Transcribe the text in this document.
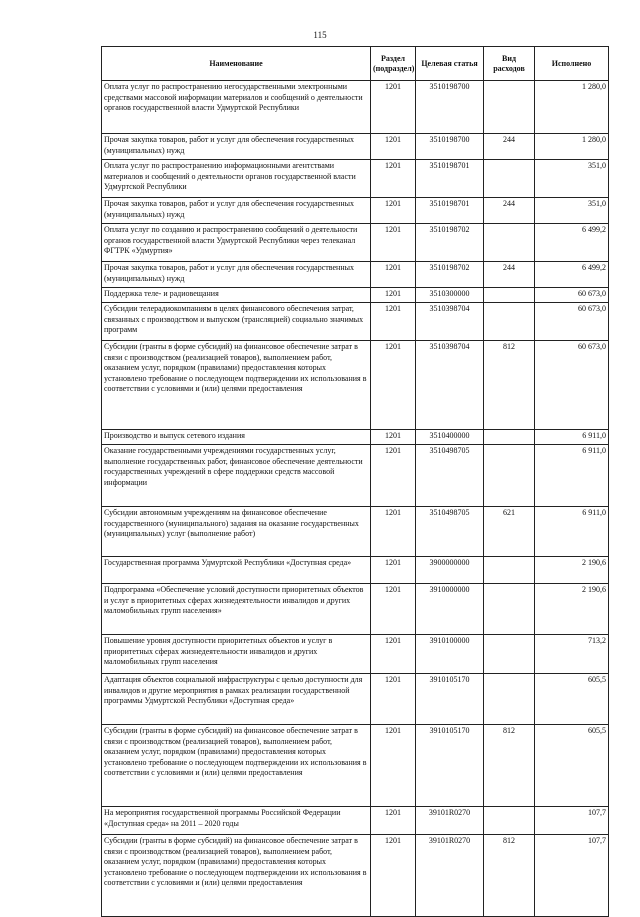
115
Наименование	Раздел (подраздел)	Целевая статья	Вид расходов	Исполнено
Оплата услуг по распространению негосударственными электронными средствами массовой информации материалов и сообщений о деятельности органов государственной власти Удмуртской Республики	1201	3510198700		1 280,0
Прочая закупка товаров, работ и услуг для обеспечения государственных (муниципальных) нужд	1201	3510198700	244	1 280,0
Оплата услуг по распространению информационными агентствами материалов и сообщений о деятельности органов государственной власти Удмуртской Республики	1201	3510198701		351,0
Прочая закупка товаров, работ и услуг для обеспечения государственных (муниципальных) нужд	1201	3510198701	244	351,0
Оплата услуг по созданию и распространению сообщений о деятельности органов государственной власти Удмуртской Республики через телеканал ФГТРК «Удмуртия»	1201	3510198702		6 499,2
Прочая закупка товаров, работ и услуг для обеспечения государственных (муниципальных) нужд	1201	3510198702	244	6 499,2
Поддержка теле- и радиовещания	1201	3510300000		60 673,0
Субсидии телерадиокомпаниям в целях финансового обеспечения затрат, связанных с производством и выпуском (трансляцией) социально значимых программ	1201	3510398704		60 673,0
Субсидии (гранты в форме субсидий) на финансовое обеспечение затрат в связи с производством (реализацией товаров), выполнением работ, оказанием услуг, порядком (правилами) предоставления которых установлено требование о последующем подтверждении их использования в соответствии с условиями и (или) целями предоставления	1201	3510398704	812	60 673,0
Производство и выпуск сетевого издания	1201	3510400000		6 911,0
Оказание государственными учреждениями государственных услуг, выполнение государственных работ, финансовое обеспечение деятельности государственных учреждений в сфере поддержки средств массовой информации	1201	3510498705		6 911,0
Субсидии автономным учреждениям на финансовое обеспечение государственного (муниципального) задания на оказание государственных (муниципальных) услуг (выполнение работ)	1201	3510498705	621	6 911,0
Государственная программа Удмуртской Республики «Доступная среда»	1201	3900000000		2 190,6
Подпрограмма «Обеспечение условий доступности приоритетных объектов и услуг в приоритетных сферах жизнедеятельности инвалидов и других маломобильных групп населения»	1201	3910000000		2 190,6
Повышение уровня доступности приоритетных объектов и услуг в приоритетных сферах жизнедеятельности инвалидов и других маломобильных групп населения	1201	3910100000		713,2
Адаптация объектов социальной инфраструктуры с целью доступности для инвалидов и другие мероприятия в рамках реализации государственной программы Удмуртской Республики «Доступная среда»	1201	3910105170		605,5
Субсидии (гранты в форме субсидий) на финансовое обеспечение затрат в связи с производством (реализацией товаров), выполнением работ, оказанием услуг, порядком (правилами) предоставления которых установлено требование о последующем подтверждении их использования в соответствии с условиями и (или) целями предоставления	1201	3910105170	812	605,5
На мероприятия государственной программы Российской Федерации «Доступная среда» на 2011 – 2020 годы	1201	39101R0270		107,7
Субсидии (гранты в форме субсидий) на финансовое обеспечение затрат в связи с производством (реализацией товаров), выполнением работ, оказанием услуг, порядком (правилами) предоставления которых установлено требование о последующем подтверждении их использования в соответствии с условиями и (или) целями предоставления	1201	39101R0270	812	107,7
